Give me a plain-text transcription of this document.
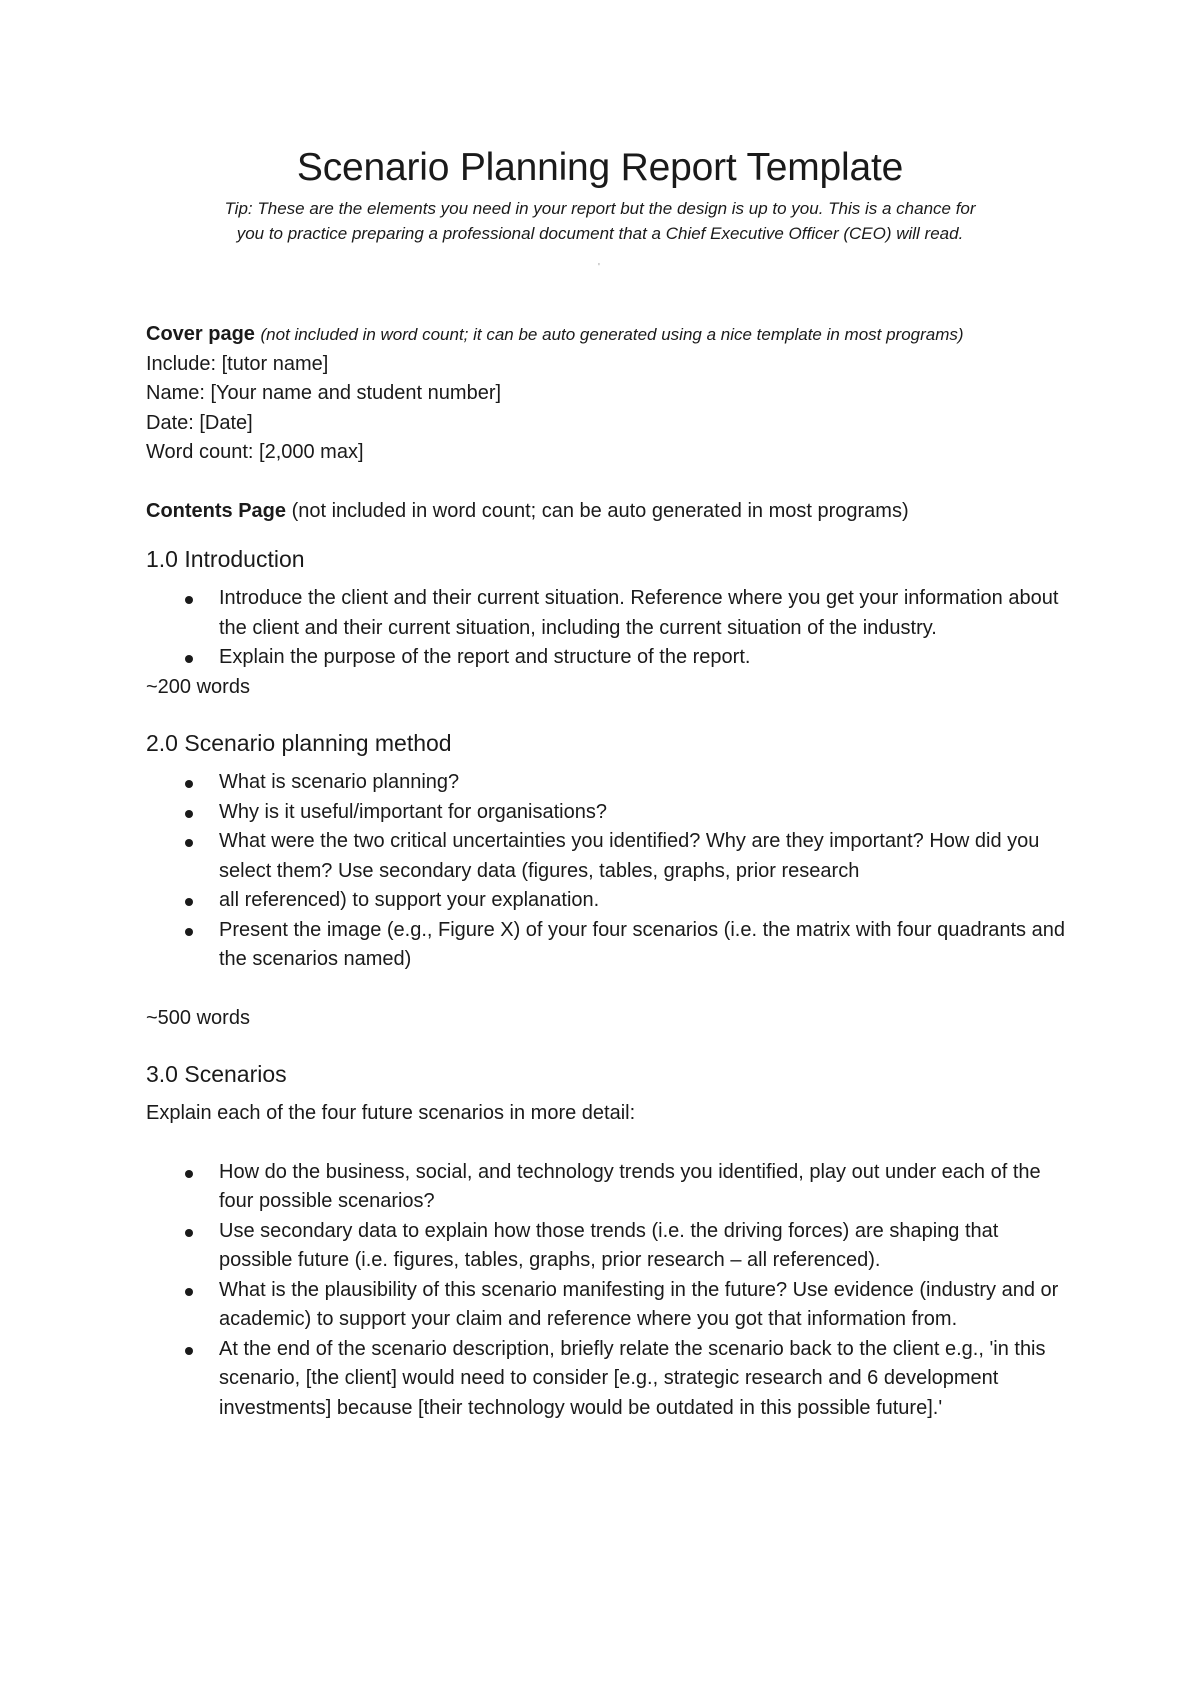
Scenario Planning Report Template

Tip: These are the elements you need in your report but the design is up to you. This is a chance for you to practice preparing a professional document that a Chief Executive Officer (CEO) will read.

'

Cover page (not included in word count; it can be auto generated using a nice template in most programs)

Include: [tutor name]

Name: [Your name and student number]

Date: [Date]

Word count: [2,000 max]

Contents Page (not included in word count; can be auto generated in most programs)

1.0 Introduction
Introduce the client and their current situation. Reference where you get your information about the client and their current situation, including the current situation of the industry.
Explain the purpose of the report and structure of the report.

~200 words

2.0 Scenario planning method
What is scenario planning?
Why is it useful/important for organisations?
What were the two critical uncertainties you identified? Why are they important? How did you select them? Use secondary data (figures, tables, graphs, prior research
all referenced) to support your explanation.
Present the image (e.g., Figure X) of your four scenarios (i.e. the matrix with four quadrants and the scenarios named)

~500 words

3.0 Scenarios

Explain each of the four future scenarios in more detail:

How do the business, social, and technology trends you identified, play out under each of the four possible scenarios?
Use secondary data to explain how those trends (i.e. the driving forces) are shaping that possible future (i.e. figures, tables, graphs, prior research – all referenced).
What is the plausibility of this scenario manifesting in the future? Use evidence (industry and or academic) to support your claim and reference where you got that information from.
At the end of the scenario description, briefly relate the scenario back to the client e.g., 'in this scenario, [the client] would need to consider [e.g., strategic research and 6 development investments] because [their technology would be outdated in this possible future].'
